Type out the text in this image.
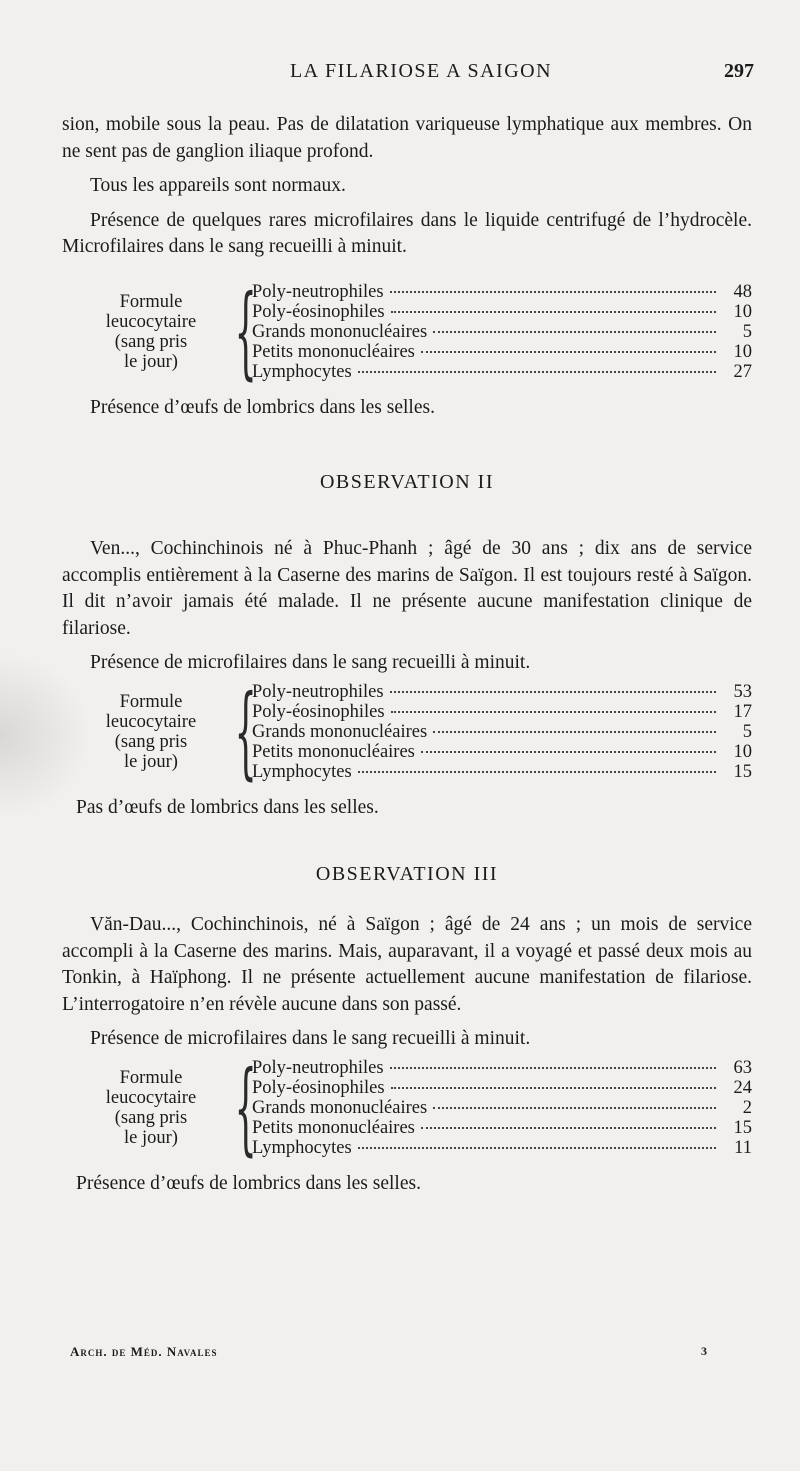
LA FILARIOSE A SAIGON	297

sion, mobile sous la peau. Pas de dilatation variqueuse lymphatique aux membres. On ne sent pas de ganglion iliaque profond.

Tous les appareils sont normaux.

Présence de quelques rares microfilaires dans le liquide centrifugé de l’hydrocèle. Microfilaires dans le sang recueilli à minuit.

Formule
leucocytaire
(sang pris
le jour) {
Poly-neutrophiles	48
Poly-éosinophiles	10
Grands mononucléaires	5
Petits mononucléaires	10
Lymphocytes	27

Présence d’œufs de lombrics dans les selles.

OBSERVATION II

Ven..., Cochinchinois né à Phuc-Phanh ; âgé de 30 ans ; dix ans de service accomplis entièrement à la Caserne des marins de Saïgon. Il est toujours resté à Saïgon. Il dit n’avoir jamais été malade. Il ne présente aucune manifestation clinique de filariose.

Présence de microfilaires dans le sang recueilli à minuit.

Formule
leucocytaire
(sang pris
le jour) {
Poly-neutrophiles	53
Poly-éosinophiles	17
Grands mononucléaires	5
Petits mononucléaires	10
Lymphocytes	15

Pas d’œufs de lombrics dans les selles.

OBSERVATION III

Văn-Dau..., Cochinchinois, né à Saïgon ; âgé de 24 ans ; un mois de service accompli à la Caserne des marins. Mais, auparavant, il a voyagé et passé deux mois au Tonkin, à Haïphong. Il ne présente actuellement aucune manifestation de filariose. L’interrogatoire n’en révèle aucune dans son passé.

Présence de microfilaires dans le sang recueilli à minuit.

Formule
leucocytaire
(sang pris
le jour) {
Poly-neutrophiles	63
Poly-éosinophiles	24
Grands mononucléaires	2
Petits mononucléaires	15
Lymphocytes	11

Présence d’œufs de lombrics dans les selles.

Arch. de Méd. Navales	3
